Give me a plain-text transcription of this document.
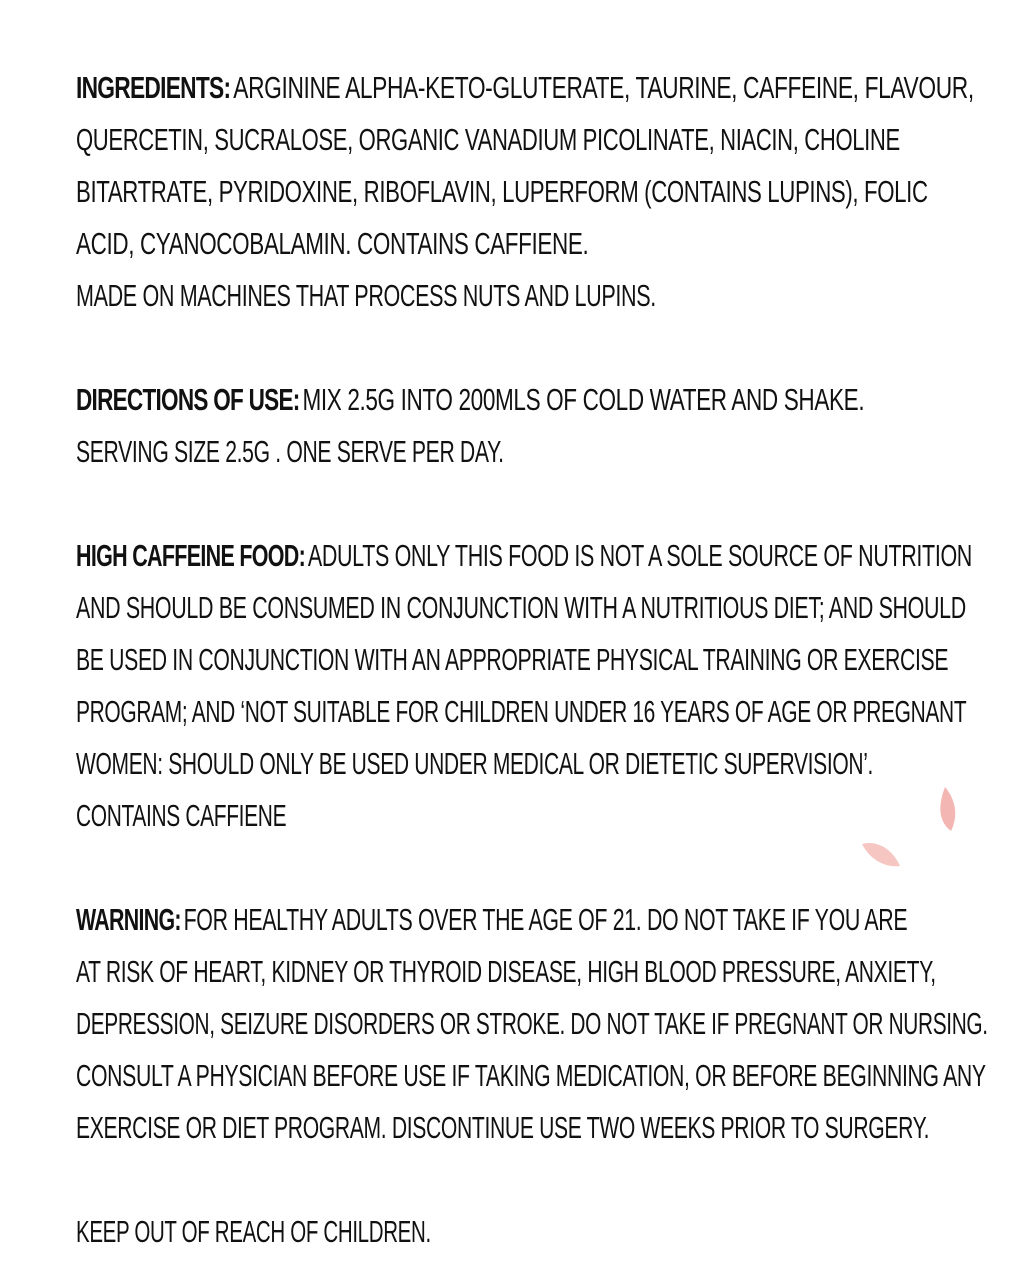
INGREDIENTS:ARGININE ALPHA-KETO-GLUTERATE, TAURINE, CAFFEINE, FLAVOUR,
QUERCETIN, SUCRALOSE, ORGANIC VANADIUM PICOLINATE, NIACIN, CHOLINE
BITARTRATE, PYRIDOXINE, RIBOFLAVIN, LUPERFORM (CONTAINS LUPINS), FOLIC
ACID, CYANOCOBALAMIN. CONTAINS CAFFIENE.
MADE ON MACHINES THAT PROCESS NUTS AND LUPINS.
DIRECTIONS OF USE:MIX 2.5G INTO 200MLS OF COLD WATER AND SHAKE.
SERVING SIZE 2.5G . ONE SERVE PER DAY.
HIGH CAFFEINE FOOD:ADULTS ONLY THIS FOOD IS NOT A SOLE SOURCE OF NUTRITION
AND SHOULD BE CONSUMED IN CONJUNCTION WITH A NUTRITIOUS DIET; AND SHOULD
BE USED IN CONJUNCTION WITH AN APPROPRIATE PHYSICAL TRAINING OR EXERCISE
PROGRAM; AND ‘NOT SUITABLE FOR CHILDREN UNDER 16 YEARS OF AGE OR PREGNANT
WOMEN: SHOULD ONLY BE USED UNDER MEDICAL OR DIETETIC SUPERVISION’.
CONTAINS CAFFIENE
WARNING:FOR HEALTHY ADULTS OVER THE AGE OF 21. DO NOT TAKE IF YOU ARE
AT RISK OF HEART, KIDNEY OR THYROID DISEASE, HIGH BLOOD PRESSURE, ANXIETY,
DEPRESSION, SEIZURE DISORDERS OR STROKE. DO NOT TAKE IF PREGNANT OR NURSING.
CONSULT A PHYSICIAN BEFORE USE IF TAKING MEDICATION, OR BEFORE BEGINNING ANY
EXERCISE OR DIET PROGRAM. DISCONTINUE USE TWO WEEKS PRIOR TO SURGERY.
KEEP OUT OF REACH OF CHILDREN.
